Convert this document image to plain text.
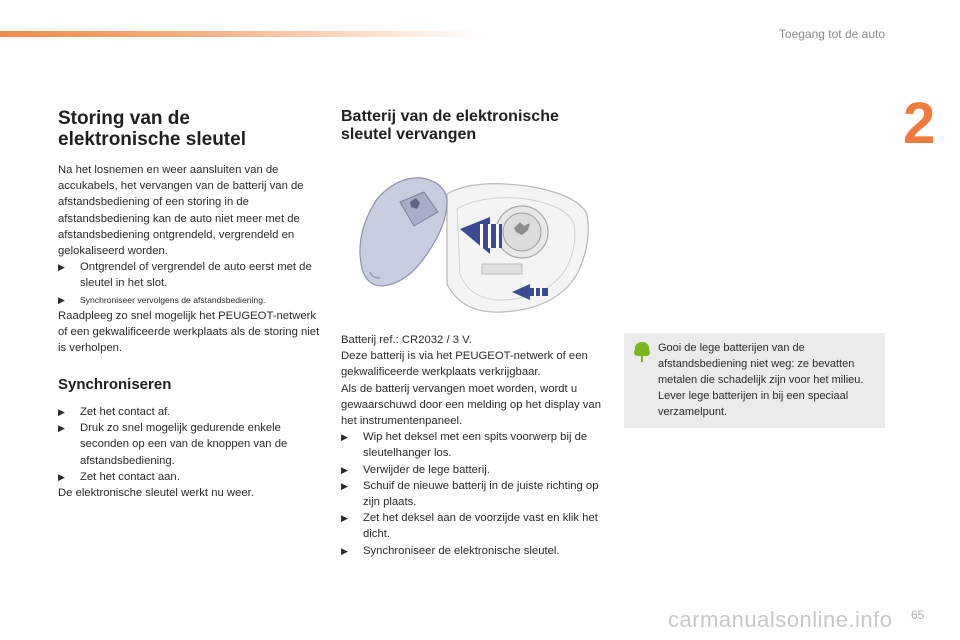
Toegang tot de auto
2
Storing van de
elektronische sleutel

Na het losnemen en weer aansluiten van de accukabels, het vervangen van de batterij van de afstandsbediening of een storing in de afstandsbediening kan de auto niet meer met de afstandsbediening ontgrendeld, vergrendeld en gelokaliseerd worden.

▶ Ontgrendel of vergrendel de auto eerst met de sleutel in het slot.
▶ Synchroniseer vervolgens de afstandsbediening.

Raadpleeg zo snel mogelijk het PEUGEOT-netwerk of een gekwalificeerde werkplaats als de storing niet is verholpen.

Synchroniseren
▶ Zet het contact af.
▶ Druk zo snel mogelijk gedurende enkele seconden op een van de knoppen van de afstandsbediening.
▶ Zet het contact aan.

De elektronische sleutel werkt nu weer.

Batterij van de elektronische
sleutel vervangen

Batterij ref.: CR2032 / 3 V.

Deze batterij is via het PEUGEOT-netwerk of een gekwalificeerde werkplaats verkrijgbaar.

Als de batterij vervangen moet worden, wordt u gewaarschuwd door een melding op het display van het instrumentenpaneel.

▶ Wip het deksel met een spits voorwerp bij de sleutelhanger los.
▶ Verwijder de lege batterij.
▶ Schuif de nieuwe batterij in de juiste richting op zijn plaats.
▶ Zet het deksel aan de voorzijde vast en klik het dicht.
▶ Synchroniseer de elektronische sleutel.
Gooi de lege batterijen van de afstandsbediening niet weg: ze bevatten metalen die schadelijk zijn voor het milieu. Lever lege batterijen in bij een speciaal verzamelpunt.
carmanualsonline.info 65
